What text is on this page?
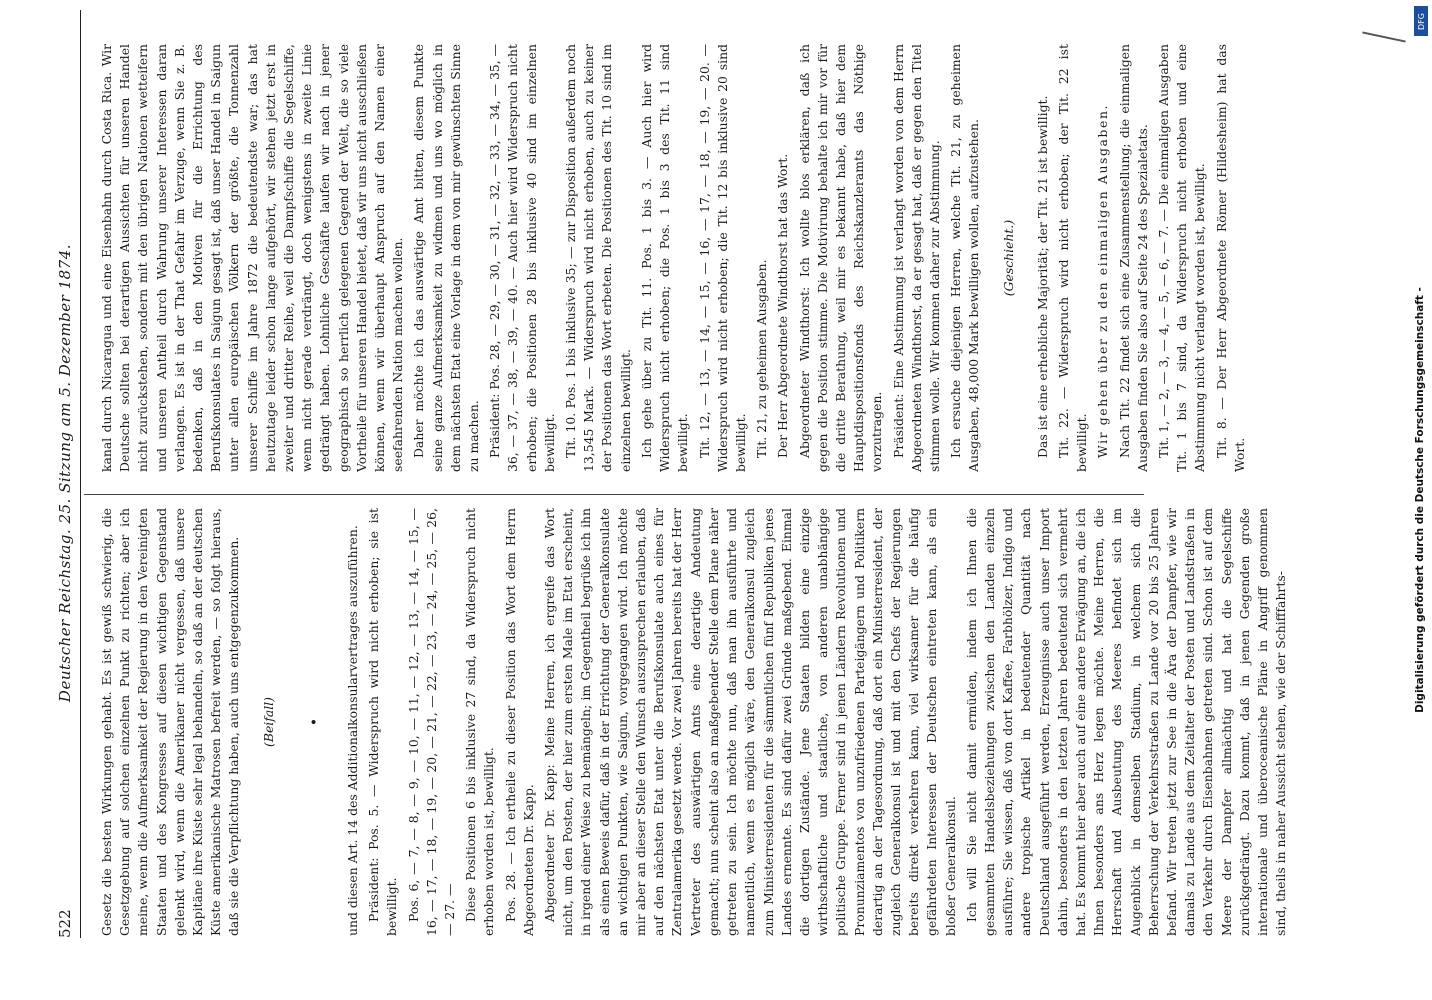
522
Deutscher Reichstag. 25. Sitzung am 5. Dezember 1874.

Gesetz die besten Wirkungen gehabt. Es ist gewiß schwierig, die Gesetzgebung auf solchen einzelnen Punkt zu richten; aber ich meine, wenn die Aufmerksamkeit der Regierung in den Vereinigten Staaten und des Kongresses auf diesen wichtigen Gegenstand gelenkt wird, wenn die Amerikaner nicht vergessen, daß unsere Kapitäne ihre Küste sehr legal behandeln, so daß an der deutschen Küste amerikanische Matrosen befreit werden, — so folgt hieraus, daß sie die Verpflichtung haben, auch uns entgegenzukommen. (Beifall) • und diesen Art. 14 des Additionalkonsularvertrages auszuführen. Präsident: Pos. 5. — Widerspruch wird nicht erhoben; sie ist bewilligt. Pos. 6, — 7, — 8, — 9, — 10, — 11, — 12, — 13, — 14, — 15, — 16, — 17, — 18, — 19, — 20, — 21, — 22, — 23, — 24, — 25, — 26, — 27. — Diese Positionen 6 bis inklusive 27 sind, da Widerspruch nicht erhoben worden ist, bewilligt. Pos. 28. — Ich ertheile zu dieser Position das Wort dem Herrn Abgeordneten Dr. Kapp. Abgeordneter Dr. Kapp: Meine Herren, ich ergreife das Wort nicht, um den Posten, der hier zum ersten Male im Etat erscheint, in irgend einer Weise zu bemängeln; im Gegentheil begrüße ich ihn als einen Beweis dafür, daß in der Errichtung der Generalkonsulate an wichtigen Punkten, wie Saigun, vorgegangen wird. Ich möchte mir aber an dieser Stelle den Wunsch auszusprechen erlauben, daß auf den nächsten Etat unter die Berufskonsulate auch eines für Zentralamerika gesetzt werde. Vor zwei Jahren bereits hat der Herr Vertreter des auswärtigen Amts eine derartige Andeutung gemacht; nun scheint also an maßgebender Stelle dem Plane näher getreten zu sein. Ich möchte nun, daß man ihn ausführte und namentlich, wenn es möglich wäre, den Generalkonsul zugleich zum Ministerresidenten für die sämmtlichen fünf Republiken jenes Landes ernennte. Es sind dafür zwei Gründe maßgebend. Einmal die dortigen Zustände. Jene Staaten bilden eine einzige wirthschaftliche und staatliche, von anderen unabhängige politische Gruppe. Ferner sind in jenen Ländern Revolutionen und Pronunziamentos von unzufriedenen Parteigängern und Politikern derartig an der Tagesordnung, daß dort ein Ministerresident, der zugleich Generalkonsul ist und mit den Chefs der Regierungen bereits direkt verkehren kann, viel wirksamer für die häufig gefährdeten Interessen der Deutschen eintreten kann, als ein bloßer Generalkonsul. Ich will Sie nicht damit ermüden, indem ich Ihnen die gesammten Handelsbeziehungen zwischen den Landen einzeln ausführe; Sie wissen, daß von dort Kaffee, Farbhölzer, Indigo und andere tropische Artikel in bedeutender Quantität nach Deutschland ausgeführt werden, Erzeugnisse auch unser Import dahin, besonders in den letzten Jahren bedeutend sich vermehrt hat. Es kommt hier aber auch auf eine andere Erwägung an, die ich Ihnen besonders ans Herz legen möchte. Meine Herren, die Herrschaft und Ausbeutung des Meeres befindet sich im Augenblick in demselben Stadium, in welchem sich die Beherrschung der Verkehrsstraßen zu Lande vor 20 bis 25 Jahren befand. Wir treten jetzt zur See in die Ära der Dampfer, wie wir damals zu Lande aus dem Zeitalter der Posten und Landstraßen in den Verkehr durch Eisenbahnen getreten sind. Schon ist auf dem Meere der Dampfer allmächtig und hat die Segelschiffe zurückgedrängt. Dazu kommt, daß in jenen Gegenden große internationale und überoceanische Pläne in Angriff genommen sind, theils in naher Aussicht stehen, wie der Schifffahrts-

kanal durch Nicaragua und eine Eisenbahn durch Costa Rica. Wir Deutsche sollten bei derartigen Aussichten für unseren Handel nicht zurückstehen, sondern mit den übrigen Nationen wetteifern und unseren Antheil durch Wahrung unserer Interessen daran verlangen. Es ist in der That Gefahr im Verzuge, wenn Sie z. B. bedenken, daß in den Motiven für die Errichtung des Berufskonsulates in Saigun gesagt ist, daß unser Handel in Saigun unter allen europäischen Völkern der größte, die Tonnenzahl unserer Schiffe im Jahre 1872 die bedeutendste war; das hat heutzutage leider schon lange aufgehört, wir stehen jetzt erst in zweiter und dritter Reihe, weil die Dampfschiffe die Segelschiffe, wenn nicht gerade verdrängt, doch wenigstens in zweite Linie gedrängt haben. Lohnliche Geschäfte laufen wir nach in jener geographisch so herrlich gelegenen Gegend der Welt, die so viele Vortheile für unseren Handel bietet, daß wir uns nicht ausschließen können, wenn wir überhaupt Anspruch auf den Namen einer seefahrenden Nation machen wollen. Daher möchte ich das auswärtige Amt bitten, diesem Punkte seine ganze Aufmerksamkeit zu widmen und uns wo möglich in dem nächsten Etat eine Vorlage in dem von mir gewünschten Sinne zu machen. Präsident: Pos. 28, — 29, — 30, — 31, — 32, — 33, — 34, — 35, — 36, — 37, — 38, — 39, — 40. — Auch hier wird Widerspruch nicht erhoben; die Positionen 28 bis inklusive 40 sind im einzelnen bewilligt. Tit. 10. Pos. 1 bis inklusive 35; — zur Disposition außerdem noch 13,545 Mark. — Widerspruch wird nicht erhoben, auch zu keiner der Positionen das Wort erbeten. Die Positionen des Tit. 10 sind im einzelnen bewilligt. Ich gehe über zu Tit. 11. Pos. 1 bis 3. — Auch hier wird Widerspruch nicht erhoben; die Pos. 1 bis 3 des Tit. 11 sind bewilligt. Tit. 12, — 13, — 14, — 15, — 16, — 17, — 18, — 19, — 20. — Widerspruch wird nicht erhoben; die Tit. 12 bis inklusive 20 sind bewilligt. Tit. 21, zu geheimen Ausgaben. Der Herr Abgeordnete Windthorst hat das Wort. Abgeordneter Windthorst: Ich wollte blos erklären, daß ich gegen die Position stimme. Die Motivirung behalte ich mir vor für die dritte Berathung, weil mir es bekannt habe, daß hier dem Hauptdispositionsfonds des Reichskanzleramts das Nöthige vorzutragen. Präsident: Eine Abstimmung ist verlangt worden von dem Herrn Abgeordneten Windthorst, da er gesagt hat, daß er gegen den Titel stimmen wolle. Wir kommen daher zur Abstimmung. Ich ersuche diejenigen Herren, welche Tit. 21, zu geheimen Ausgaben, 48,000 Mark bewilligen wollen, aufzustehen. (Geschieht.) Das ist eine erhebliche Majorität; der Tit. 21 ist bewilligt. Tit. 22. — Widerspruch wird nicht erhoben; der Tit. 22 ist bewilligt. Wir gehen über zu den einmaligen Ausgaben. Nach Tit. 22 findet sich eine Zusammenstellung; die einmaligen Ausgaben finden Sie also auf Seite 24 des Spezialetats. Tit. 1, — 2, — 3, — 4, — 5, — 6, — 7. — Die einmaligen Ausgaben Tit. 1 bis 7 sind, da Widerspruch nicht erhoben und eine Abstimmung nicht verlangt worden ist, bewilligt. Tit. 8. — Der Herr Abgeordnete Römer (Hildesheim) hat das Wort.	Digitalisierung gefördert durch die Deutsche Forschungsgemeinschaft -
DFG
